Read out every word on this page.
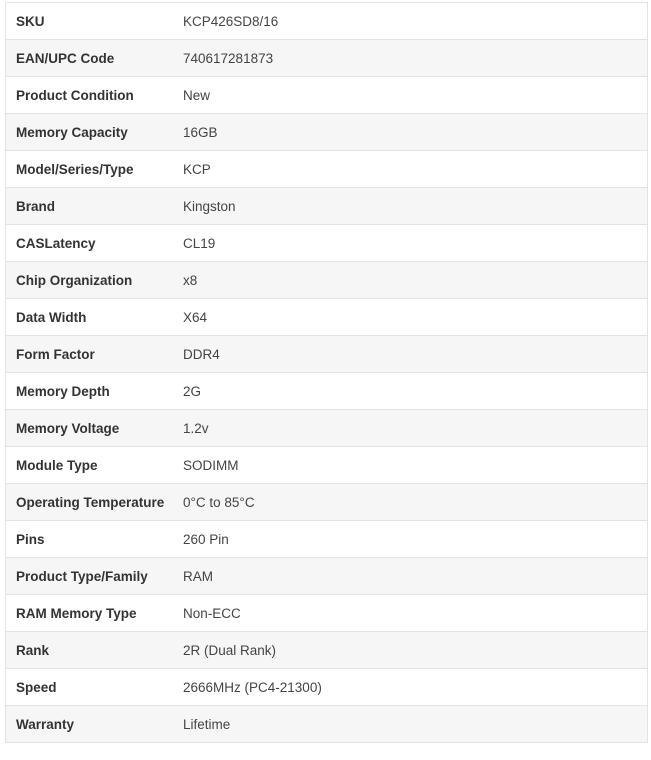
SKU	KCP426SD8/16
EAN/UPC Code	740617281873
Product Condition	New
Memory Capacity	16GB
Model/Series/Type	KCP
Brand	Kingston
CASLatency	CL19
Chip Organization	x8
Data Width	X64
Form Factor	DDR4
Memory Depth	2G
Memory Voltage	1.2v
Module Type	SODIMM
Operating Temperature	0°C to 85°C
Pins	260 Pin
Product Type/Family	RAM
RAM Memory Type	Non-ECC
Rank	2R (Dual Rank)
Speed	2666MHz (PC4-21300)
Warranty	Lifetime
